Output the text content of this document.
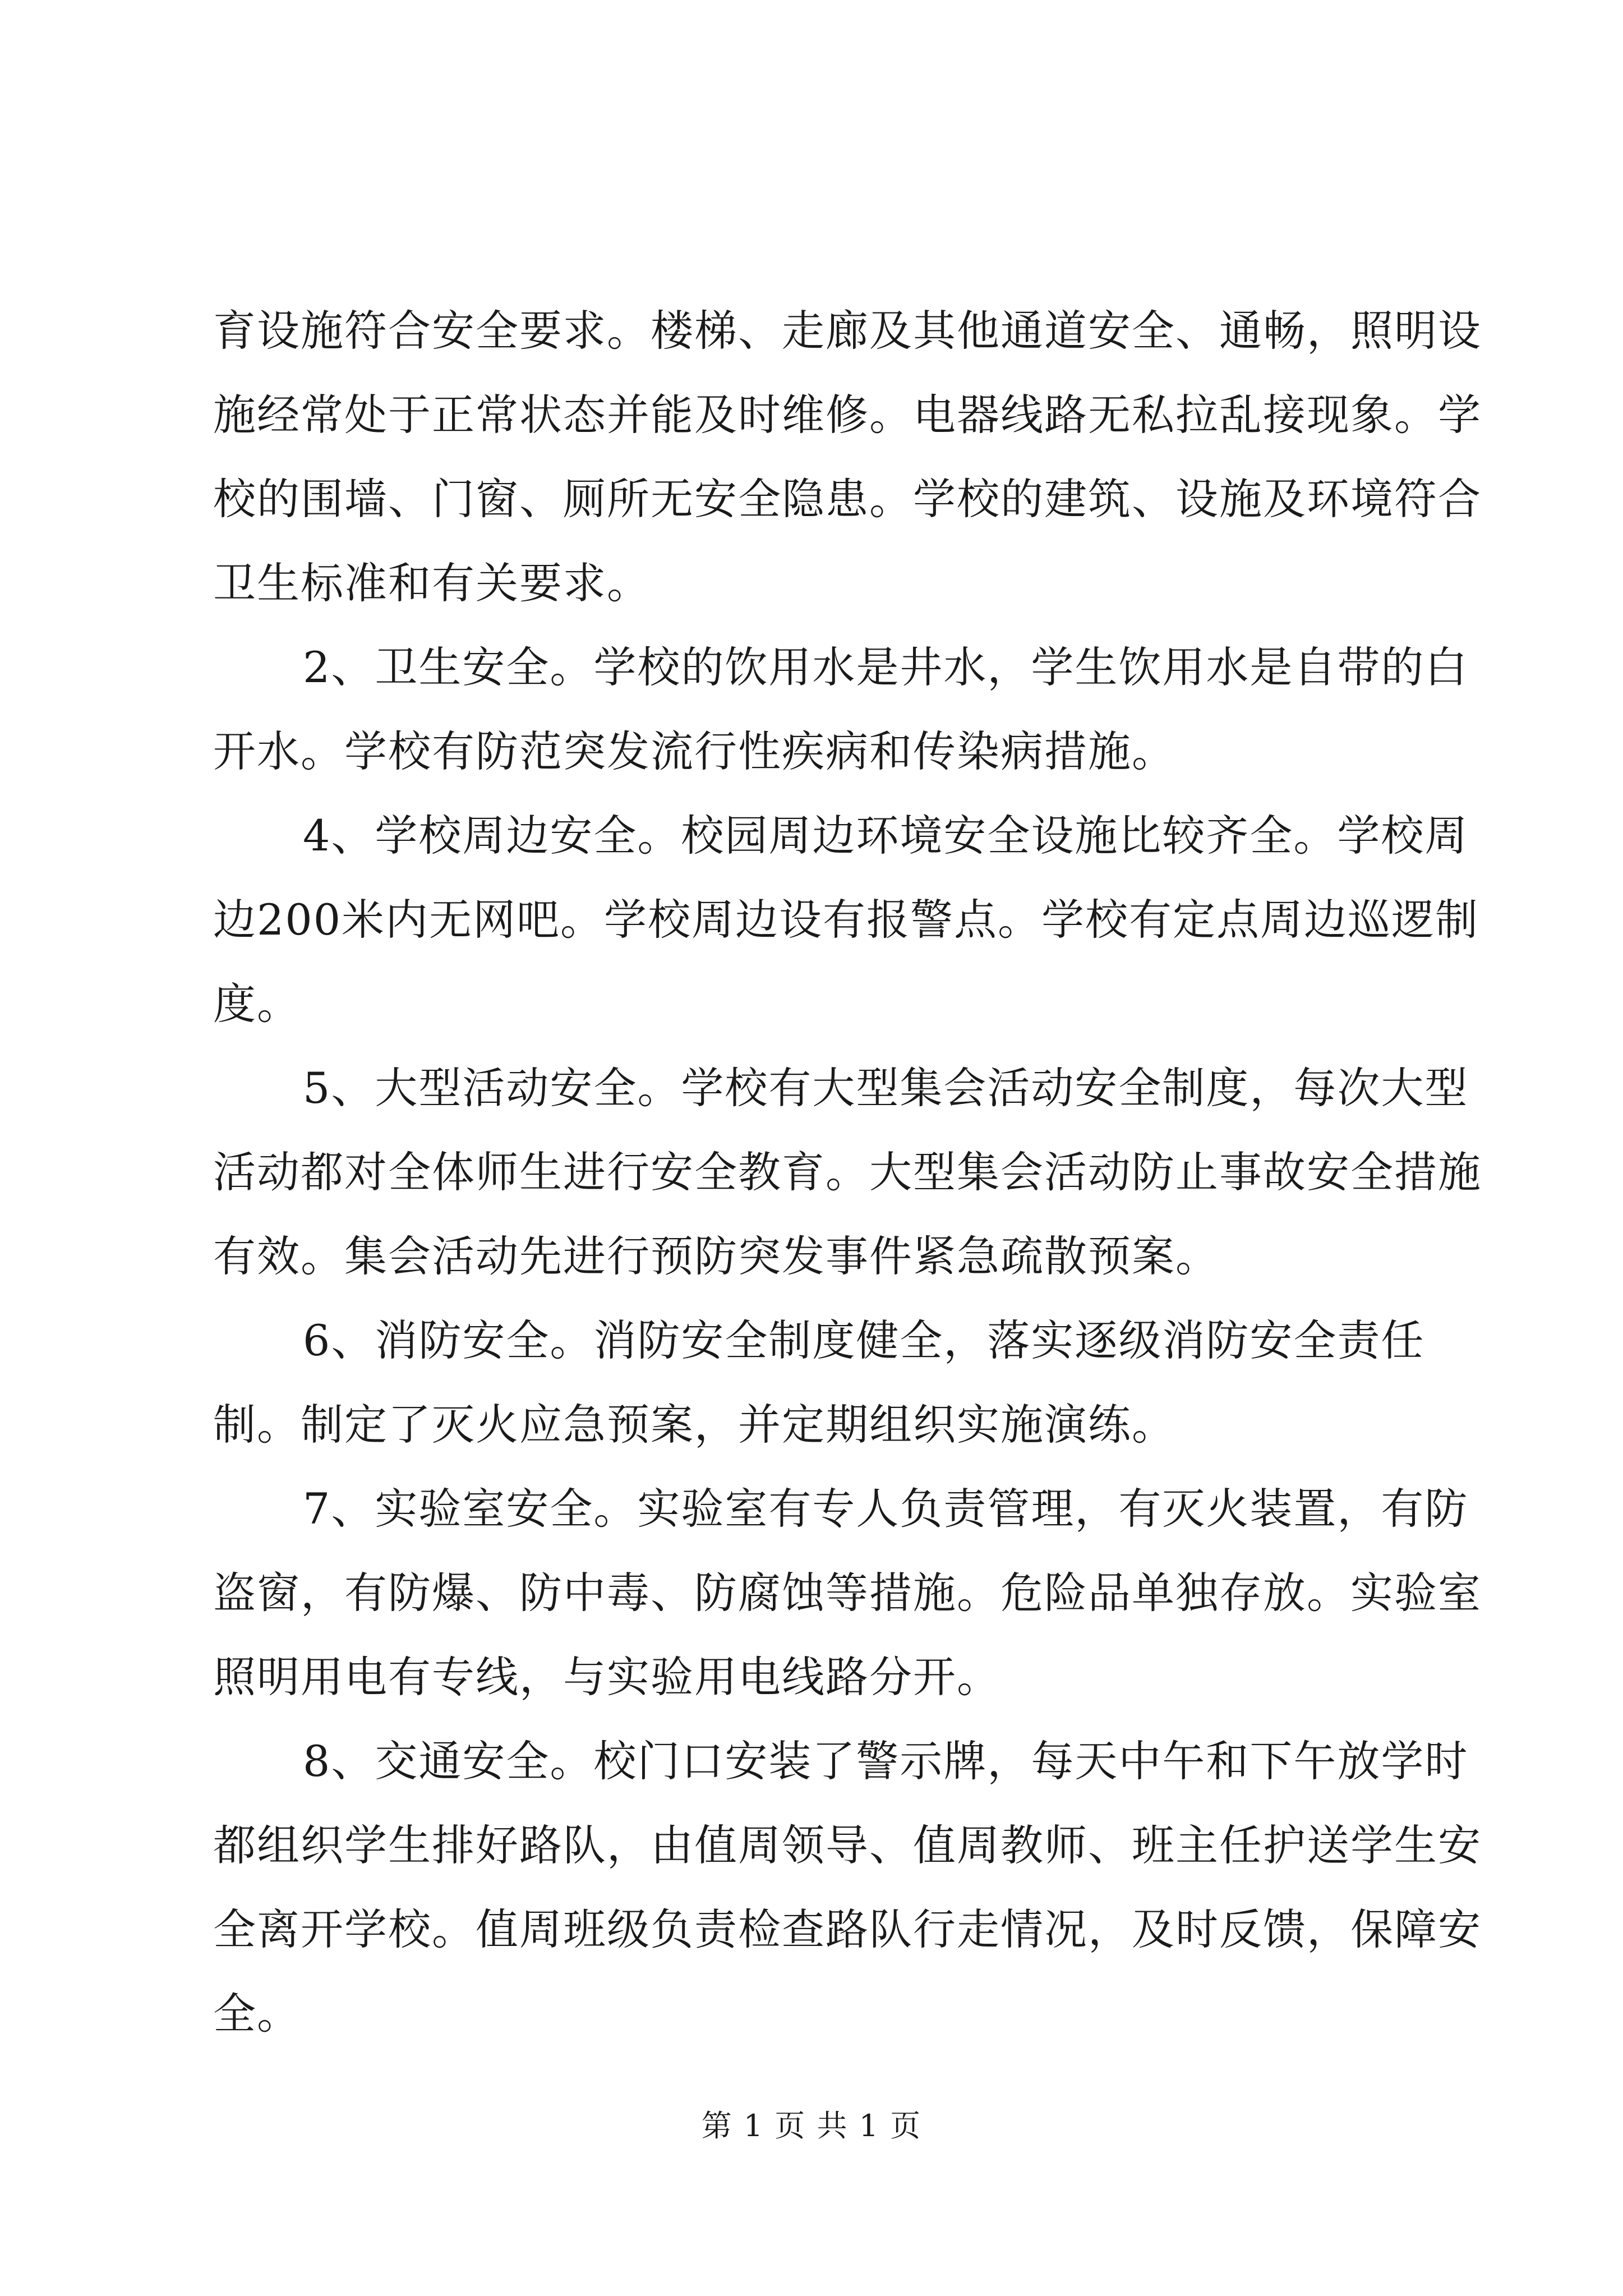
育设施符合安全要求。楼梯、走廊及其他通道安全、通畅，照明设施经常处于正常状态并能及时维修。电器线路无私拉乱接现象。学校的围墙、门窗、厕所无安全隐患。学校的建筑、设施及环境符合卫生标准和有关要求。

2、卫生安全。学校的饮用水是井水，学生饮用水是自带的白开水。学校有防范突发流行性疾病和传染病措施。

4、学校周边安全。校园周边环境安全设施比较齐全。学校周边200米内无网吧。学校周边设有报警点。学校有定点周边巡逻制度。

5、大型活动安全。学校有大型集会活动安全制度，每次大型活动都对全体师生进行安全教育。大型集会活动防止事故安全措施有效。集会活动先进行预防突发事件紧急疏散预案。

6、消防安全。消防安全制度健全，落实逐级消防安全责任制。制定了灭火应急预案，并定期组织实施演练。

7、实验室安全。实验室有专人负责管理，有灭火装置，有防盗窗，有防爆、防中毒、防腐蚀等措施。危险品单独存放。实验室照明用电有专线，与实验用电线路分开。

8、交通安全。校门口安装了警示牌，每天中午和下午放学时都组织学生排好路队，由值周领导、值周教师、班主任护送学生安全离开学校。值周班级负责检查路队行走情况，及时反馈，保障安全。

第 1 页 共 1 页
